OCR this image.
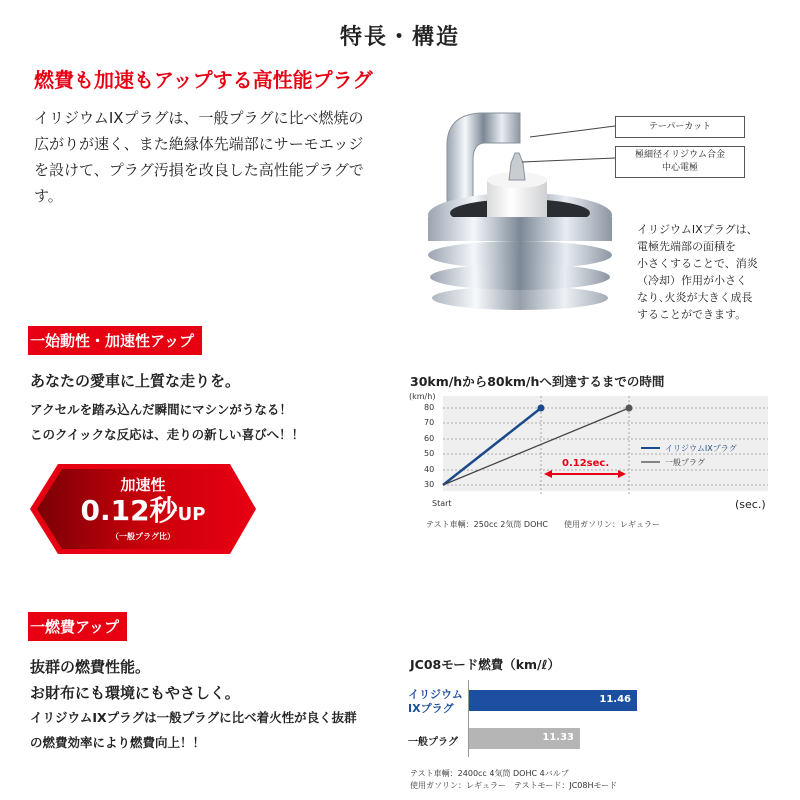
特長・構造
燃費も加速もアップする高性能プラグ
イリジウムIXプラグは、一般プラグに比べ燃焼の
広がりが速く、また絶縁体先端部にサーモエッジ
を設けて、プラグ汚損を改良した高性能プラグで
す。
テーパーカット
極細径イリジウム合金
中心電極
イリジウムIXプラグは、
電極先端部の面積を
小さくすることで、消炎
（冷却）作用が小さく
なり､火炎が大きく成長
することができます。
一始動性・加速性アップ
あなたの愛車に上質な走りを。
アクセルを踏み込んだ瞬間にマシンがうなる！
このクイックな反応は、走りの新しい喜びへ！！
加速性
0.12秒UP
（一般プラグ比）
30km/hから80km/hへ到達するまでの時間
(km/h)
80
70
60
50
40
30
Start	(sec.)
0.12sec.
イリジウムIXプラグ
一般プラグ
テスト車輌：250cc 2気筒 DOHC　　使用ガソリン：レギュラー
一燃費アップ
抜群の燃費性能。
お財布にも環境にもやさしく。
イリジウムIXプラグは一般プラグに比べ着火性が良く抜群
の燃費効率により燃費向上！！
JC08モード燃費（km/ℓ）
イリジウム
IXプラグ
11.46
一般プラグ	11.33
テスト車輌：2400cc 4気筒 DOHC 4バルブ
使用ガソリン：レギュラー　テストモード：JC08Hモード
